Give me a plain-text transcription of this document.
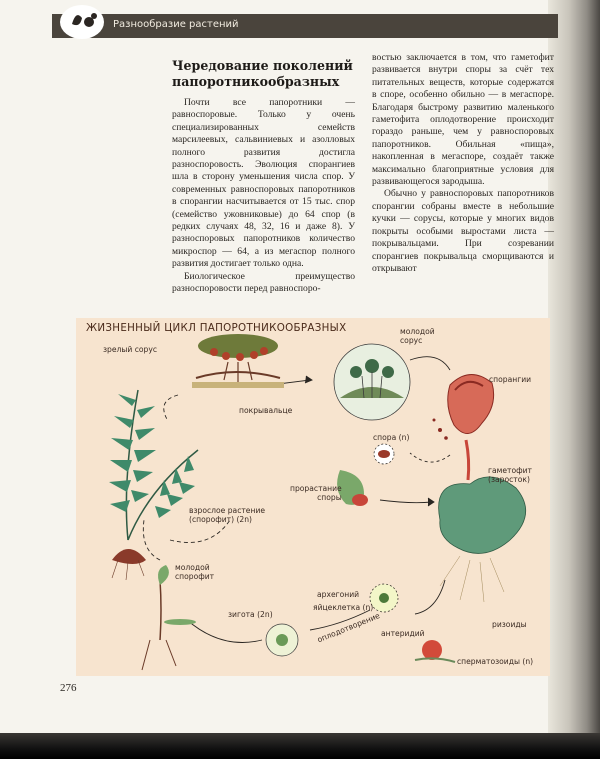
Разнообразие растений
Чередование поколений папоротникообразных

Почти все папоротники — равноспоровые. Только у очень специализированных семейств марсилеевых, сальвиниевых и азолловых полного развития достигла разноспоровость. Эволюция спорангиев шла в сторону уменьшения числа спор. У современных равноспоровых папоротников в спорангии насчитывается от 15 тыс. спор (семейство ужовниковые) до 64 спор (в редких случаях 48, 32, 16 и даже 8). У разноспоровых папоротников количество микроспор — 64, а из мегаспор полного развития достигает только одна.

Биологическое преимущество разноспоровости перед равноспоро-

востью заключается в том, что гаметофит развивается внутри споры за счёт тех питательных веществ, которые содержатся в споре, особенно обильно — в мегаспоре. Благодаря быстрому развитию маленького гаметофита оплодотворение происходит гораздо раньше, чем у равноспоровых папоротников. Обильная «пища», накопленная в мегаспоре, создаёт также максимально благоприятные условия для развивающегося зародыша.

Обычно у равноспоровых папоротников спорангии собраны вместе в небольшие кучки — сорусы, которые у многих видов покрыты особыми выростами листа — покрывальцами. При созревании спорангиев покрывальца сморщиваются и открывают

ЖИЗНЕННЫЙ ЦИКЛ ПАПОРОТНИКООБРАЗНЫХ
зрелый сорус
молодой
сорус
покрывальце
спорангии
спора (n)
прорастание
споры
гаметофит
(заросток)
взрослое растение
(спорофит) (2n)
молодой
спорофит
архегоний
яйцеклетка (n)
зигота (2n)	оплодотворение антеридий
ризоиды
сперматозоиды (n)
276
